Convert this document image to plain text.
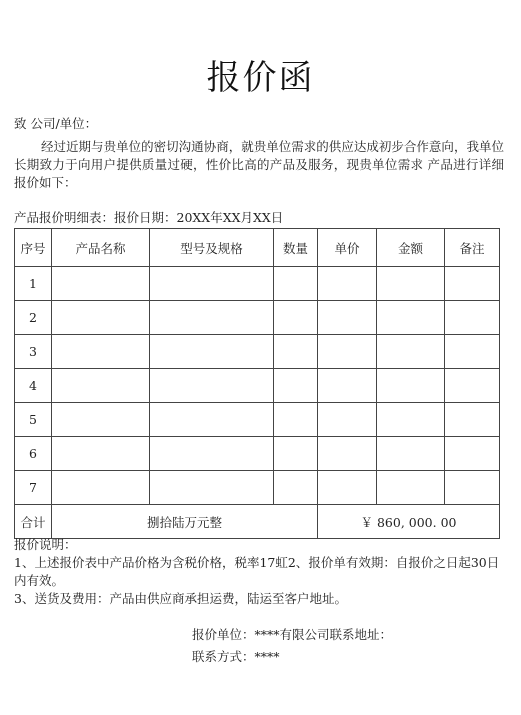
报价函
致 公司/单位：
经过近期与贵单位的密切沟通协商，就贵单位需求的供应达成初步合作意向，我单位长期致力于向用户提供质量过硬，性价比高的产品及服务，现贵单位需求 产品进行详细报价如下：
产品报价明细表：报价日期：20XX年XX月XX日
序号	产品名称	型号及规格	数量	单价	金额	备注
1						
2						
3						
4						
5						
6						
7						
合计	捌拾陆万元整			￥ 860, 000. 00		
报价说明：
1、上述报价表中产品价格为含税价格，税率17虹2、报价单有效期：自报价之日起30日内有效。
3、送货及费用：产品由供应商承担运费，陆运至客户地址。
报价单位：****有限公司联系地址：
联系方式：****
